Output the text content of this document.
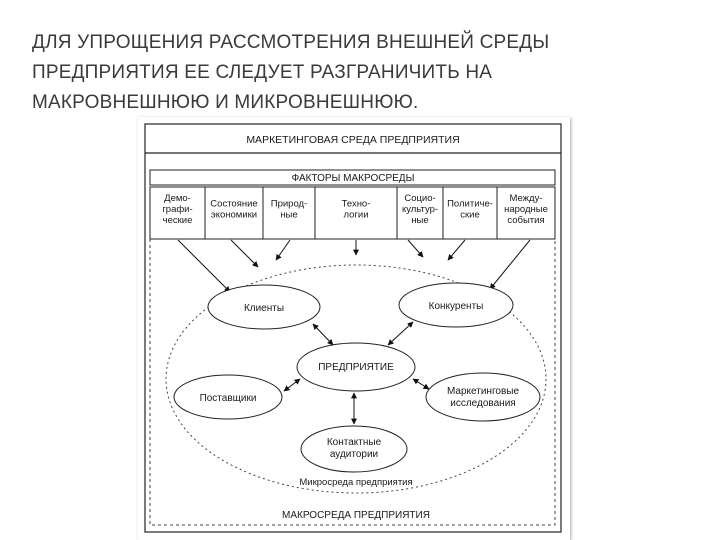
ДЛЯ УПРОЩЕНИЯ РАССМОТРЕНИЯ ВНЕШНЕЙ СРЕДЫ ПРЕДПРИЯТИЯ ЕЕ СЛЕДУЕТ РАЗГРАНИЧИТЬ НА МАКРОВНЕШНЮЮ И МИКРОВНЕШНЮЮ.
МАРКЕТИНГОВАЯ СРЕДА ПРЕДПРИЯТИЯ
ФАКТОРЫ МАКРОСРЕДЫ
Демо-
графи-
ческие
Состояние
экономики
Природ-
ные
Техно-
логии
Социо-
культур-
ные
Политиче-
ские
Между-
народные
события
Клиенты	Конкуренты
ПРЕДПРИЯТИЕ
Поставщики
Маркетинговые
исследования
Контактные
аудитории
Микросреда предприятия
МАКРОСРЕДА ПРЕДПРИЯТИЯ
